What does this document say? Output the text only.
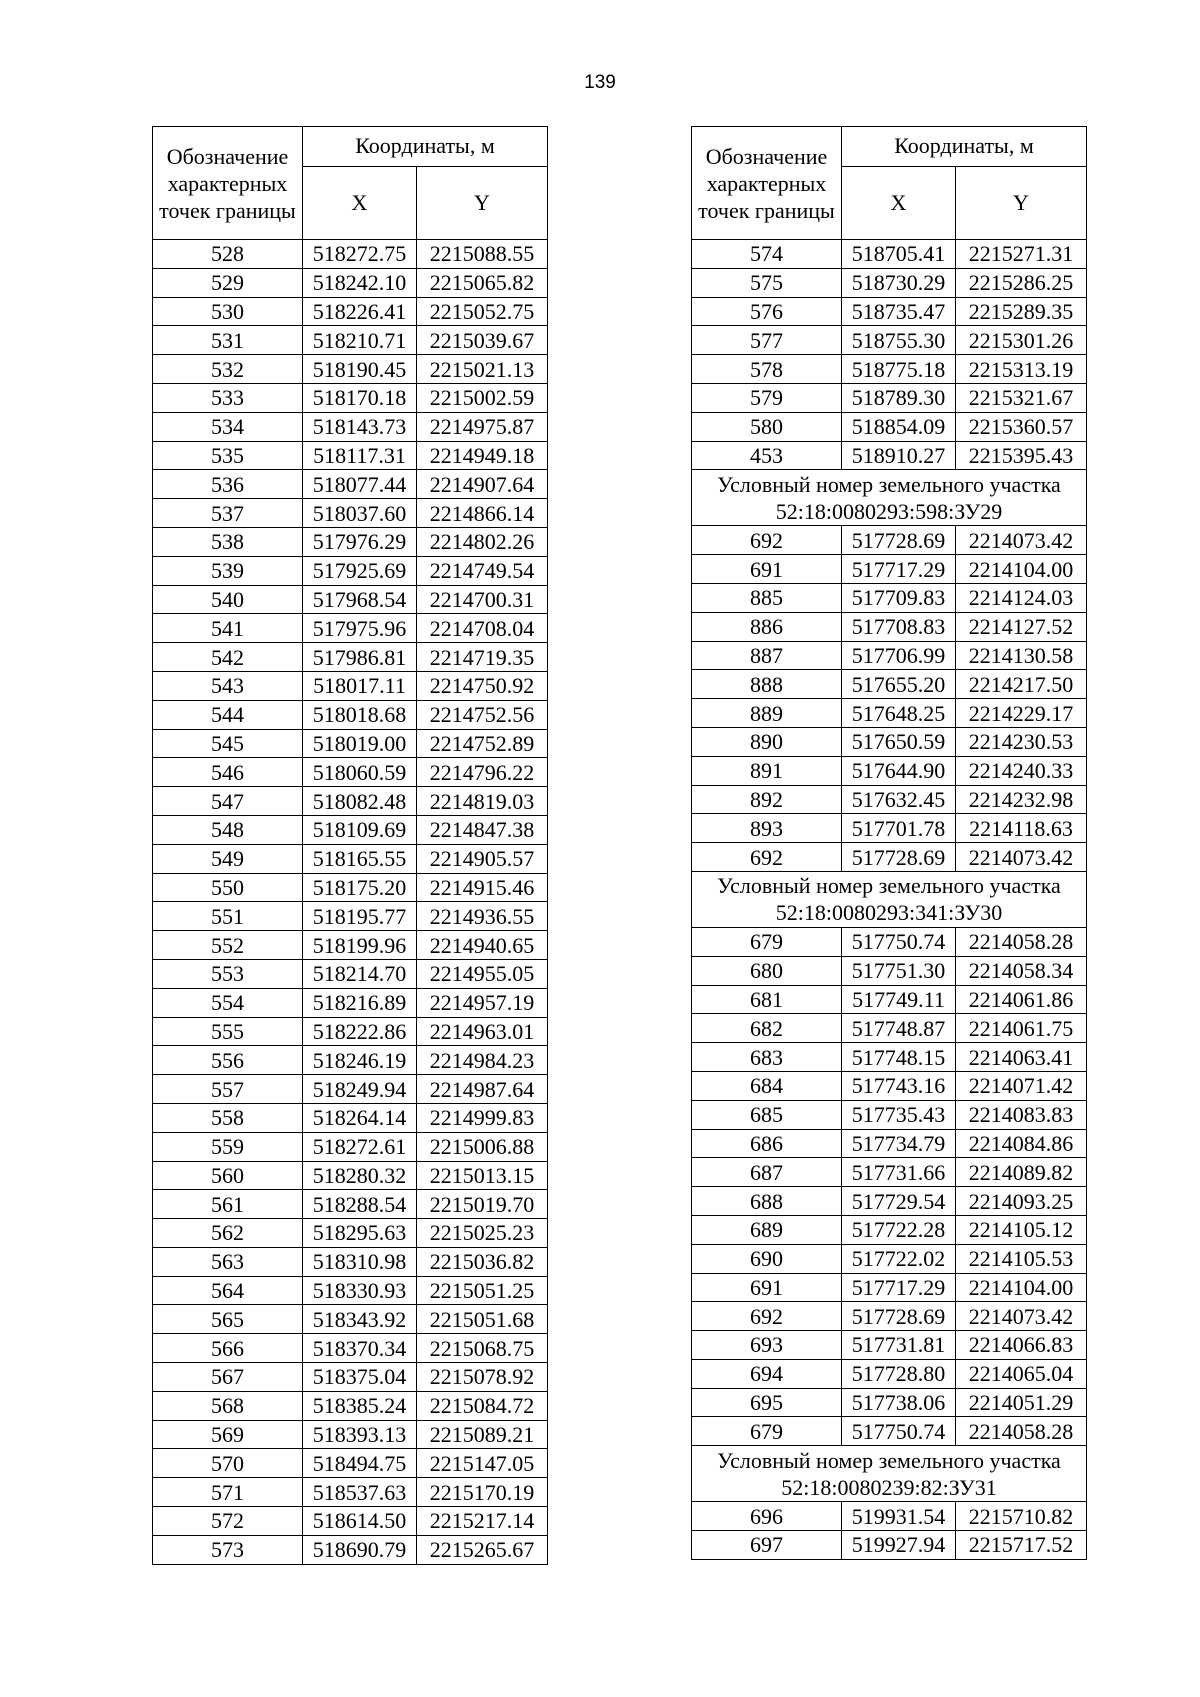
139
Обозначение характерных точек границы	Координаты, м	
	X	Y
528	518272.75	2215088.55
529	518242.10	2215065.82
530	518226.41	2215052.75
531	518210.71	2215039.67
532	518190.45	2215021.13
533	518170.18	2215002.59
534	518143.73	2214975.87
535	518117.31	2214949.18
536	518077.44	2214907.64
537	518037.60	2214866.14
538	517976.29	2214802.26
539	517925.69	2214749.54
540	517968.54	2214700.31
541	517975.96	2214708.04
542	517986.81	2214719.35
543	518017.11	2214750.92
544	518018.68	2214752.56
545	518019.00	2214752.89
546	518060.59	2214796.22
547	518082.48	2214819.03
548	518109.69	2214847.38
549	518165.55	2214905.57
550	518175.20	2214915.46
551	518195.77	2214936.55
552	518199.96	2214940.65
553	518214.70	2214955.05
554	518216.89	2214957.19
555	518222.86	2214963.01
556	518246.19	2214984.23
557	518249.94	2214987.64
558	518264.14	2214999.83
559	518272.61	2215006.88
560	518280.32	2215013.15
561	518288.54	2215019.70
562	518295.63	2215025.23
563	518310.98	2215036.82
564	518330.93	2215051.25
565	518343.92	2215051.68
566	518370.34	2215068.75
567	518375.04	2215078.92
568	518385.24	2215084.72
569	518393.13	2215089.21
570	518494.75	2215147.05
571	518537.63	2215170.19
572	518614.50	2215217.14
573	518690.79	2215265.67
Обозначение характерных точек границы	Координаты, м	
	X	Y
574	518705.41	2215271.31
575	518730.29	2215286.25
576	518735.47	2215289.35
577	518755.30	2215301.26
578	518775.18	2215313.19
579	518789.30	2215321.67
580	518854.09	2215360.57
453	518910.27	2215395.43
Условный номер земельного участка 52:18:0080293:598:ЗУ29		
692	517728.69	2214073.42
691	517717.29	2214104.00
885	517709.83	2214124.03
886	517708.83	2214127.52
887	517706.99	2214130.58
888	517655.20	2214217.50
889	517648.25	2214229.17
890	517650.59	2214230.53
891	517644.90	2214240.33
892	517632.45	2214232.98
893	517701.78	2214118.63
692	517728.69	2214073.42
Условный номер земельного участка 52:18:0080293:341:ЗУ30		
679	517750.74	2214058.28
680	517751.30	2214058.34
681	517749.11	2214061.86
682	517748.87	2214061.75
683	517748.15	2214063.41
684	517743.16	2214071.42
685	517735.43	2214083.83
686	517734.79	2214084.86
687	517731.66	2214089.82
688	517729.54	2214093.25
689	517722.28	2214105.12
690	517722.02	2214105.53
691	517717.29	2214104.00
692	517728.69	2214073.42
693	517731.81	2214066.83
694	517728.80	2214065.04
695	517738.06	2214051.29
679	517750.74	2214058.28
Условный номер земельного участка 52:18:0080239:82:ЗУ31		
696	519931.54	2215710.82
697	519927.94	2215717.52
